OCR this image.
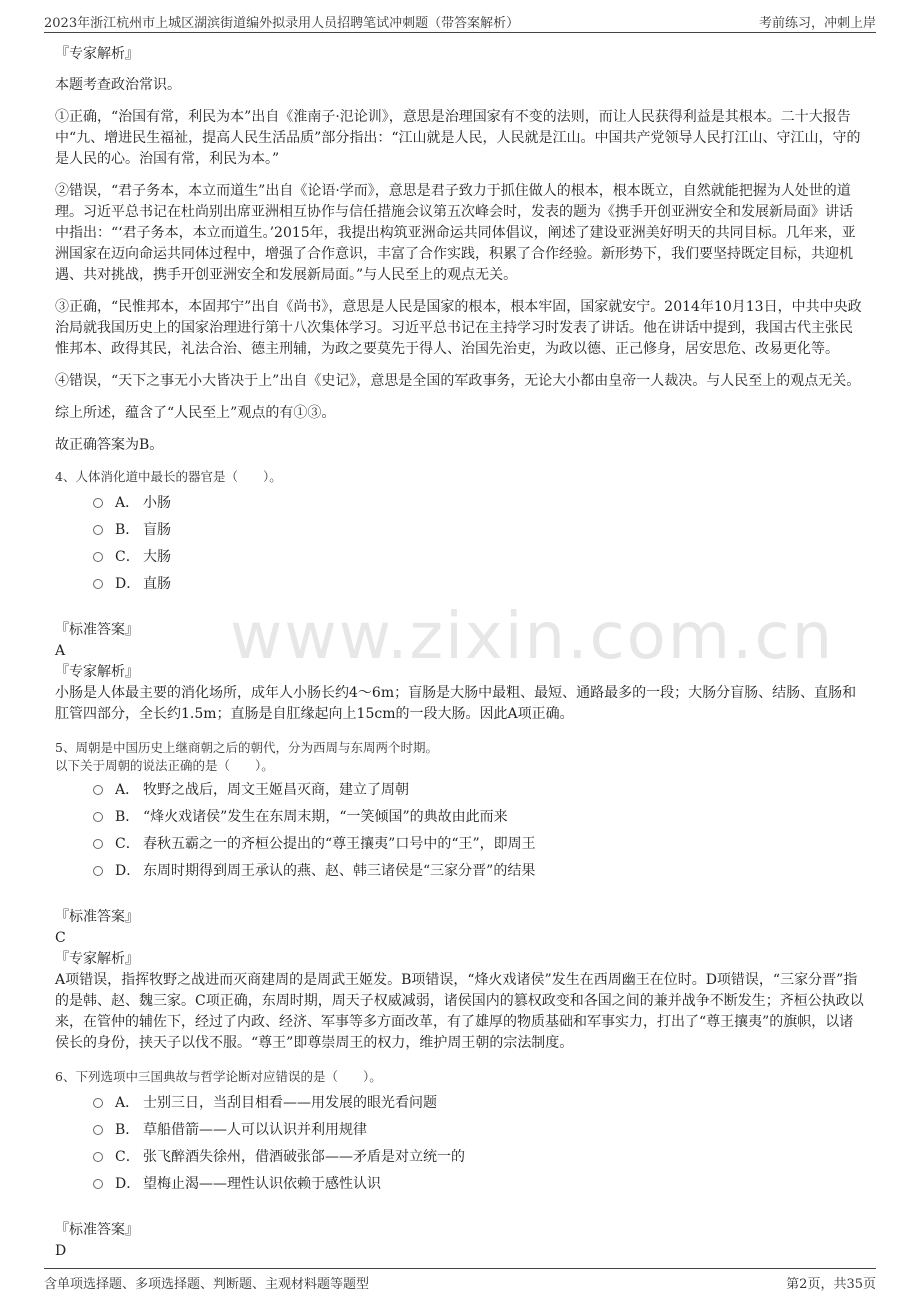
2023年浙江杭州市上城区湖滨街道编外拟录用人员招聘笔试冲刺题（带答案解析）	考前练习，冲刺上岸
www.zixin.com.cn

『专家解析』

本题考查政治常识。

①正确，“治国有常，利民为本”出自《淮南子·氾论训》，意思是治理国家有不变的法则，而让人民获得利益是其根本。二十大报告中“九、增进民生福祉，提高人民生活品质”部分指出：“江山就是人民，人民就是江山。中国共产党领导人民打江山、守江山，守的是人民的心。治国有常，利民为本。”

②错误，“君子务本，本立而道生”出自《论语·学而》，意思是君子致力于抓住做人的根本，根本既立，自然就能把握为人处世的道理。习近平总书记在杜尚别出席亚洲相互协作与信任措施会议第五次峰会时，发表的题为《携手开创亚洲安全和发展新局面》讲话中指出：“‘君子务本，本立而道生。’2015年，我提出构筑亚洲命运共同体倡议，阐述了建设亚洲美好明天的共同目标。几年来，亚洲国家在迈向命运共同体过程中，增强了合作意识，丰富了合作实践，积累了合作经验。新形势下，我们要坚持既定目标，共迎机遇、共对挑战，携手开创亚洲安全和发展新局面。”与人民至上的观点无关。

③正确，“民惟邦本，本固邦宁”出自《尚书》，意思是人民是国家的根本，根本牢固，国家就安宁。2014年10月13日，中共中央政治局就我国历史上的国家治理进行第十八次集体学习。习近平总书记在主持学习时发表了讲话。他在讲话中提到，我国古代主张民惟邦本、政得其民，礼法合治、德主刑辅，为政之要莫先于得人、治国先治吏，为政以德、正己修身，居安思危、改易更化等。

④错误，“天下之事无小大皆决于上”出自《史记》，意思是全国的军政事务，无论大小都由皇帝一人裁决。与人民至上的观点无关。

综上所述，蕴含了“人民至上”观点的有①③。

故正确答案为B。

4、人体消化道中最长的器官是（　　）。

A． 小肠
B． 盲肠
C． 大肠
D． 直肠

『标准答案』

A

『专家解析』

小肠是人体最主要的消化场所，成年人小肠长约4～6m；盲肠是大肠中最粗、最短、通路最多的一段；大肠分盲肠、结肠、直肠和肛管四部分，全长约1.5m；直肠是自肛缘起向上15cm的一段大肠。因此A项正确。

5、周朝是中国历史上继商朝之后的朝代，分为西周与东周两个时期。

以下关于周朝的说法正确的是（　　）。

A． 牧野之战后，周文王姬昌灭商，建立了周朝
B． “烽火戏诸侯”发生在东周末期，“一笑倾国”的典故由此而来
C． 春秋五霸之一的齐桓公提出的“尊王攘夷”口号中的“王”，即周王
D． 东周时期得到周王承认的燕、赵、韩三诸侯是“三家分晋”的结果

『标准答案』

C

『专家解析』

A项错误，指挥牧野之战进而灭商建周的是周武王姬发。B项错误，“烽火戏诸侯”发生在西周幽王在位时。D项错误，“三家分晋”指的是韩、赵、魏三家。C项正确，东周时期，周天子权威减弱，诸侯国内的篡权政变和各国之间的兼并战争不断发生；齐桓公执政以来，在管仲的辅佐下，经过了内政、经济、军事等多方面改革，有了雄厚的物质基础和军事实力，打出了“尊王攘夷”的旗帜，以诸侯长的身份，挟天子以伐不服。“尊王”即尊崇周王的权力，维护周王朝的宗法制度。

6、下列选项中三国典故与哲学论断对应错误的是（　　）。

A． 士别三日，当刮目相看——用发展的眼光看问题
B． 草船借箭——人可以认识并利用规律
C． 张飞醉酒失徐州，借酒破张郃——矛盾是对立统一的
D． 望梅止渴——理性认识依赖于感性认识

『标准答案』

D

含单项选择题、多项选择题、判断题、主观材料题等题型	第2页，共35页
